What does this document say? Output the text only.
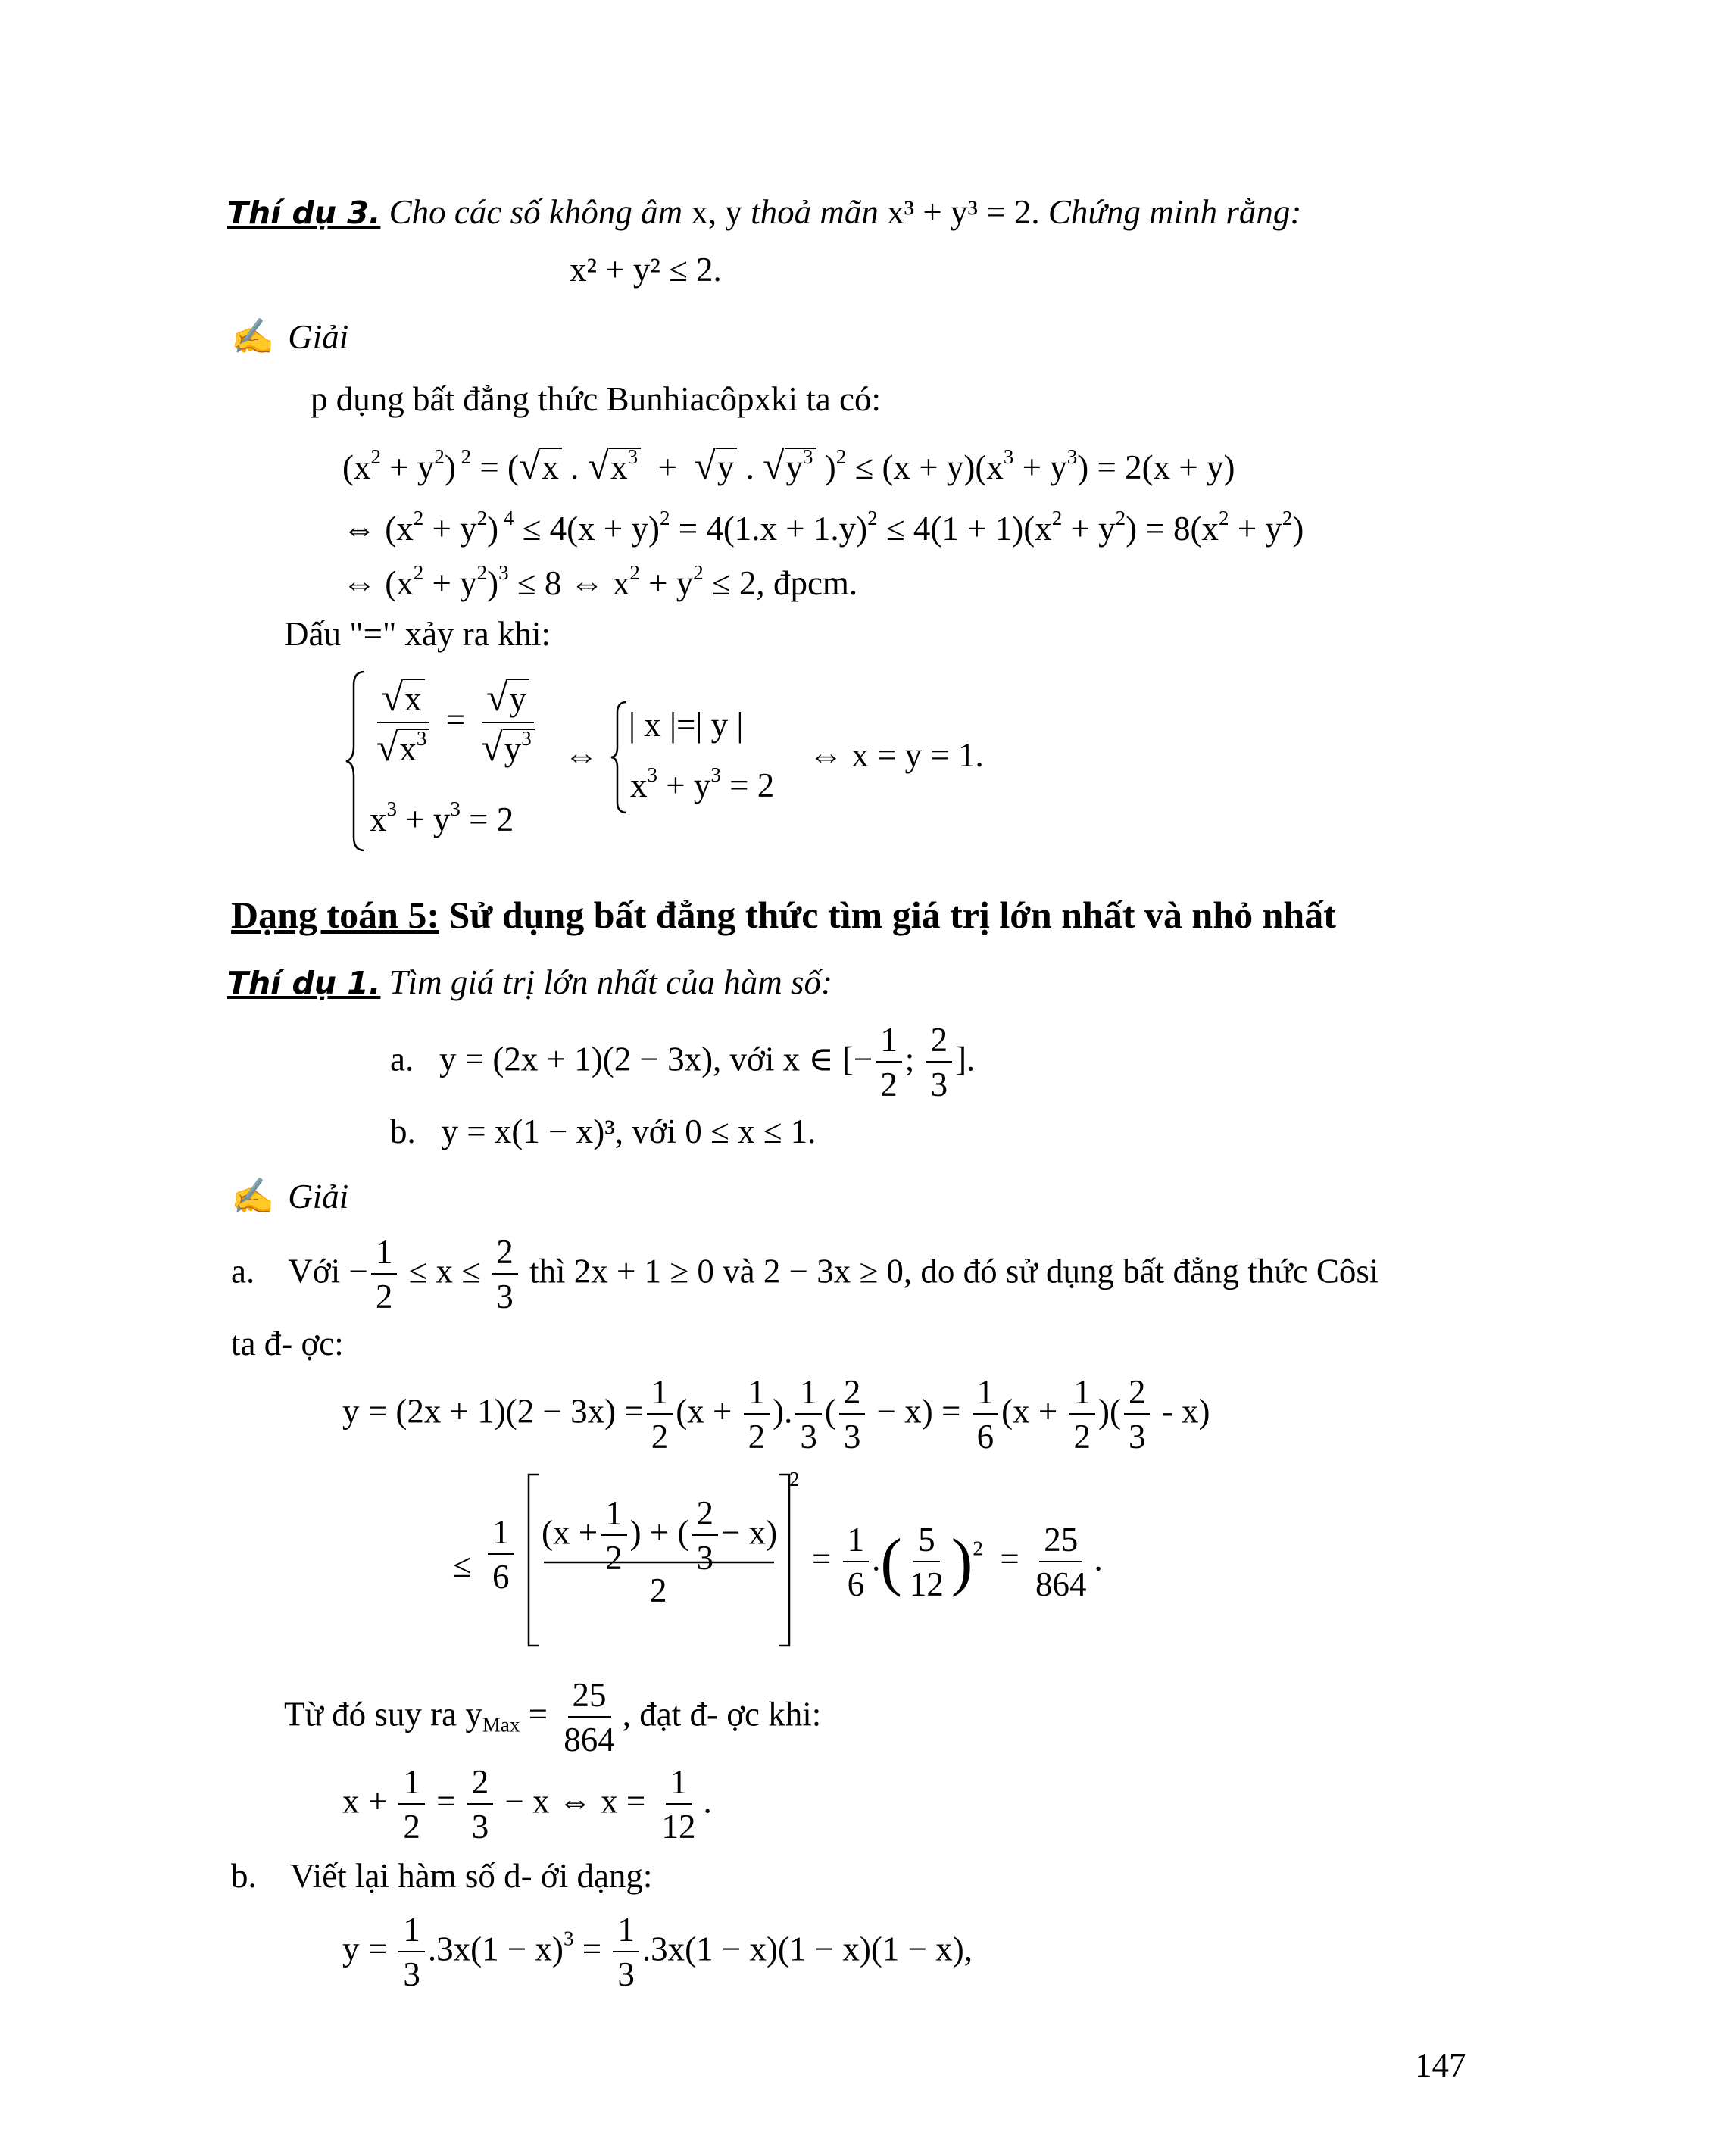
Thí dụ 3. Cho các số không âm x, y thoả mãn x³ + y³ = 2. Chứng minh rằng:
x² + y² ≤ 2.
✍ Giải
p dụng bất đẳng thức Bunhiacôpxki ta có:
$(x^2 + y^2) ^2 = (√x$ . $√x^3 + √y$ . $√y^3$ )$^2 \le (x + y)(x^3 + y^3) = 2(x + y)$
⇔ $(x^2 + y^2) ^4 \le 4(x + y)^2 = 4(1.x + 1.y)^2 \le 4(1 + 1)(x^2 + y^2) = 8(x^2 + y^2)$
⇔ $(x^2 + y^2)^3 \le 8$ ⇔ $x^2 + y^2 \le 2$, đpcm.
Dấu "=" xảy ra khi:
$\frac{√x}{√x^3} = \frac{√y}{√y^3}$
$x^3 + y^3 = 2$
⇔
| x |=| y |
$x^3 + y^3 = 2$
⇔ x = y = 1.
Dạng toán 5: Sử dụng bất đẳng thức tìm giá trị lớn nhất và nhỏ nhất
Thí dụ 1. Tìm giá trị lớn nhất của hàm số:
a. y = (2x + 1)(2 − 3x), với x ∈ [− $\frac{1}{2}$ ; $\frac{2}{3}$ ].
b. y = x(1 − x)³, với 0 ≤ x ≤ 1.
✍ Giải
a. Với − $\frac{1}{2} \le x \le \frac{2}{3}$ thì 2x + 1 ≥ 0 và 2 − 3x ≥ 0, do đó sử dụng bất đẳng thức Côsi
ta đ- ợc:
$y = (2x + 1)(2 - 3x) = \frac{1}{2} (x + \frac{1}{2}$ ). $\frac{1}{3}$ ( $\frac{2}{3} - x) = \frac{1}{6} (x + \frac{1}{2}$ )( $\frac{2}{3} - x$)
≤ $\frac{1}{6}$
2
($x + \frac{1}{2}$ ) + ( $\frac{2}{3} - x$)
2
= $\frac{1}{6}$ .( $\frac{5}{12} )^2 = \frac{25}{864}$ .
Từ đó suy ra $y_{Max} = \frac{25}{864}$ , đạt đ- ợc khi:
$x + \frac{1}{2} = \frac{2}{3} - x$ ⇔ $x = \frac{1}{12}$ .
b. Viết lại hàm số d- ới dạng:
$y = \frac{1}{3} .3x(1 - x)^3 = \frac{1}{3} .3x(1 - x)(1 - x)(1 - x)$,
147
